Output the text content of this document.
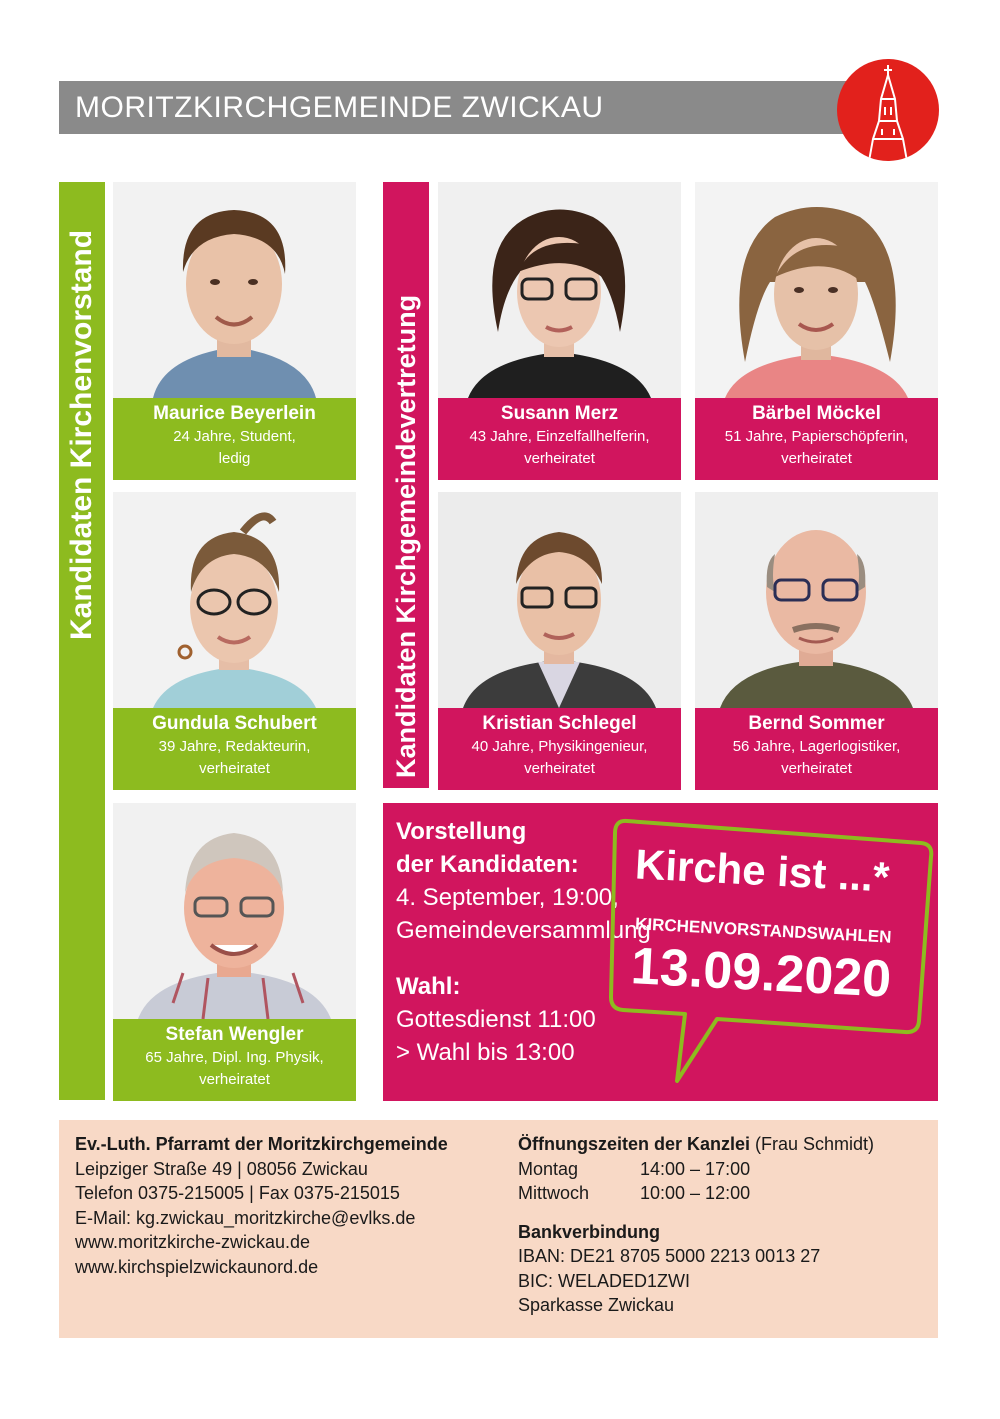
MORITZKIRCHGEMEINDE ZWICKAU
Kandidaten Kirchenvorstand	Kandidaten Kirchgemeindevertretung
Maurice Beyerlein
24 Jahre, Student,
ledig
Susann Merz
43 Jahre, Einzelfallhelferin,
verheiratet
Bärbel Möckel
51 Jahre, Papierschöpferin,
verheiratet
Gundula Schubert
39 Jahre, Redakteurin,
verheiratet
Kristian Schlegel
40 Jahre, Physikingenieur,
verheiratet
Bernd Sommer
56 Jahre, Lagerlogistiker,
verheiratet
Stefan Wengler
65 Jahre, Dipl. Ing. Physik,
verheiratet
Vorstellung
der Kandidaten:
4. September, 19:00,
Gemeindeversammlung
Wahl:
Gottesdienst 11:00
> Wahl bis 13:00
Kirche ist ...*
KIRCHENVORSTANDSWAHLEN
13.09.2020
Ev.-Luth. Pfarramt der Moritzkirchgemeinde
Leipziger Straße 49 | 08056 Zwickau
Telefon 0375-215005 | Fax 0375-215015
E-Mail: kg.zwickau_moritzkirche@evlks.de
www.moritzkirche-zwickau.de
www.kirchspielzwickaunord.de
Öffnungszeiten der Kanzlei (Frau Schmidt)
Montag	14:00 – 17:00
Mittwoch	10:00 – 12:00
Bankverbindung
IBAN: DE21 8705 5000 2213 0013 27
BIC: WELADED1ZWI
Sparkasse Zwickau
